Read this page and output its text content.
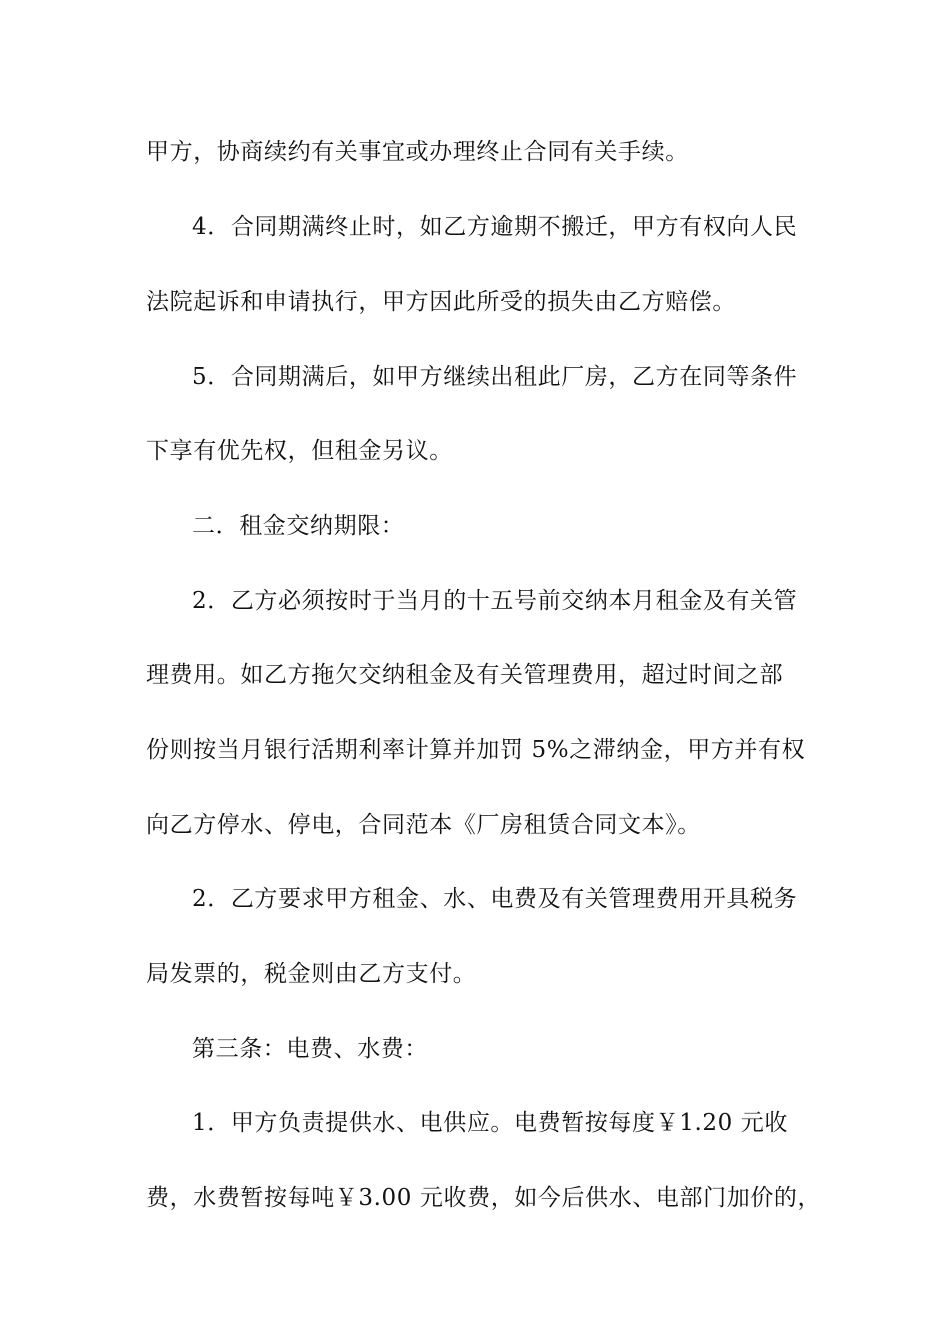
甲方，协商续约有关事宜或办理终止合同有关手续。
4．合同期满终止时，如乙方逾期不搬迁，甲方有权向人民
法院起诉和申请执行，甲方因此所受的损失由乙方赔偿。
5．合同期满后，如甲方继续出租此厂房，乙方在同等条件
下享有优先权，但租金另议。
二．租金交纳期限：
2．乙方必须按时于当月的十五号前交纳本月租金及有关管
理费用。如乙方拖欠交纳租金及有关管理费用，超过时间之部
份则按当月银行活期利率计算并加罚 5%之滞纳金，甲方并有权
向乙方停水、停电，合同范本《厂房租赁合同文本》。
2．乙方要求甲方租金、水、电费及有关管理费用开具税务
局发票的，税金则由乙方支付。
第三条：电费、水费：
1．甲方负责提供水、电供应。电费暂按每度￥1.20 元收
费，水费暂按每吨￥3.00 元收费，如今后供水、电部门加价的，
